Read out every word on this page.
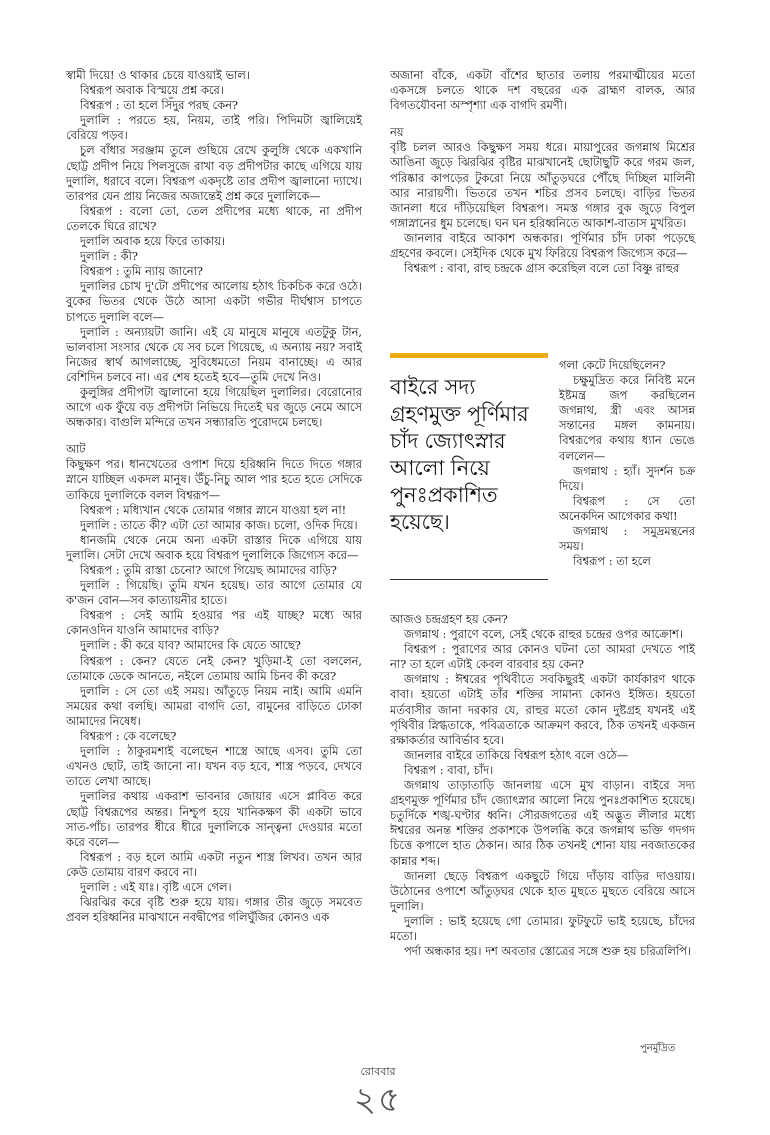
স্বামী দিয়ে! ও থাকার চেয়ে যাওয়াই ভাল।

বিশ্বরূপ অবাক বিস্ময়ে প্রশ্ন করে।

বিশ্বরূপ : তা হলে সিঁদুর পরছ কেন?

দুলালি : পরতে হয়, নিয়ম, তাই পরি। পিদিমটা জ্বালিয়েই বেরিয়ে পড়ব।

চুল বাঁধার সরঞ্জাম তুলে গুছিয়ে রেখে কুলুঙ্গি থেকে একখানি ছোট্ট প্রদীপ নিয়ে পিলসুজে রাখা বড় প্রদীপটার কাছে এগিয়ে যায় দুলালি, ধরাবে বলে। বিশ্বরূপ একদৃষ্টে তার প্রদীপ জ্বালানো দ্যাখে। তারপর যেন প্রায় নিজের অজান্তেই প্রশ্ন করে দুলালিকে—

বিশ্বরূপ : বলো তো, তেল প্রদীপের মধ্যে থাকে, না প্রদীপ তেলকে ঘিরে রাখে?

দুলালি অবাক হয়ে ফিরে তাকায়।

দুলালি : কী?

বিশ্বরূপ : তুমি ন্যায় জানো?

দুলালির চোখ দু'টো প্রদীপের আলোয় হঠাৎ চিকচিক করে ওঠে। বুকের ভিতর থেকে উঠে আসা একটা গভীর দীর্ঘশ্বাস চাপতে চাপতে দুলালি বলে—

দুলালি : অন্যায়টা জানি। এই যে মানুষে মানুষে এতটুকু টান, ভালবাসা সংসার থেকে যে সব চলে গিয়েছে, এ অন্যায় নয়? সবাই নিজের স্বার্থ আগলাচ্ছে, সুবিধেমতো নিয়ম বানাচ্ছে। এ আর বেশিদিন চলবে না। এর শেষ হতেই হবে—তুমি দেখে নিও।

কুলুঙ্গির প্রদীপটা জ্বালানো হয়ে গিয়েছিল দুলালির। বেরোনোর আগে এক ফুঁয়ে বড় প্রদীপটা নিভিয়ে দিতেই ঘর জুড়ে নেমে আসে অন্ধকার। বাগুলি মন্দিরে তখন সন্ধ্যারতি পুরোদমে চলছে।

আট

কিছুক্ষণ পর। ধানখেতের ওপাশ দিয়ে হরিধ্বনি দিতে দিতে গঙ্গার স্নানে যাচ্ছিল একদল মানুষ। উঁচু-নিচু আল পার হতে হতে সেদিকে তাকিয়ে দুলালিকে বলল বিশ্বরূপ—

বিশ্বরূপ : মধ্যিখান থেকে তোমার গঙ্গার স্নানে যাওয়া হল না!

দুলালি : তাতে কী? এটা তো আমার কাজ। চলো, ওদিক দিয়ে।

ধানজমি থেকে নেমে অন্য একটা রাস্তার দিকে এগিয়ে যায় দুলালি। সেটা দেখে অবাক হয়ে বিশ্বরূপ দুলালিকে জিগ্যেস করে—

বিশ্বরূপ : তুমি রাস্তা চেনো? আগে গিয়েছ আমাদের বাড়ি?

দুলালি : গিয়েছি। তুমি যখন হয়েছ। তার আগে তোমার যে ক'জন বোন—সব কাত্যায়নীর হাতে।

বিশ্বরূপ : সেই আমি হওয়ার পর এই যাচ্ছ? মধ্যে আর কোনওদিন যাওনি আমাদের বাড়ি?

দুলালি : কী করে যাব? আমাদের কি যেতে আছে?

বিশ্বরূপ : কেন? যেতে নেই কেন? খুড়িমা-ই তো বললেন, তোমাকে ডেকে আনতে, নইলে তোমায় আমি চিনব কী করে?

দুলালি : সে তো এই সময়। আঁতুড়ে নিয়ম নাই। আমি এমনি সময়ের কথা বলছি। আমরা বাগদি তো, বামুনের বাড়িতে ঢোকা আমাদের নিষেধ।

বিশ্বরূপ : কে বলেছে?

দুলালি : ঠাকুরমশাই বলেছেন শাস্ত্রে আছে এসব। তুমি তো এখনও ছোট, তাই জানো না। যখন বড় হবে, শাস্ত্র পড়বে, দেখবে তাতে লেখা আছে।

দুলালির কথায় একরাশ ভাবনার জোয়ার এসে প্লাবিত করে ছোট্ট বিশ্বরূপের অন্তর। নিশ্চুপ হয়ে খানিকক্ষণ কী একটা ভাবে সাত-পাঁচ। তারপর ধীরে ধীরে দুলালিকে সান্ত্বনা দেওয়ার মতো করে বলে—

বিশ্বরূপ : বড় হলে আমি একটা নতুন শাস্ত্র লিখব। তখন আর কেউ তোমায় বারণ করবে না।

দুলালি : এই যাঃ। বৃষ্টি এসে গেল।

ঝিরঝির করে বৃষ্টি শুরু হয়ে যায়। গঙ্গার তীর জুড়ে সমবেত প্রবল হরিধ্বনির মাঝখানে নবদ্বীপের গলিঘুঁজির কোনও এক

অজানা বাঁকে, একটা বাঁশের ছাতার তলায় পরমাত্মীয়ের মতো একসঙ্গে চলতে থাকে দশ বছরের এক ব্রাহ্মণ বালক, আর বিগতযৌবনা অস্পৃশ্যা এক বাগদি রমণী।

নয়

বৃষ্টি চলল আরও কিছুক্ষণ সময় ধরে। মায়াপুরের জগন্নাথ মিশ্রের আঙিনা জুড়ে ঝিরঝির বৃষ্টির মাঝখানেই ছোটাছুটি করে গরম জল, পরিষ্কার কাপড়ের টুকরো নিয়ে আঁতুড়ঘরে পৌঁছে দিচ্ছিল মালিনী আর নারায়ণী। ভিতরে তখন শচির প্রসব চলছে। বাড়ির ভিতর জানলা ধরে দাঁড়িয়েছিল বিশ্বরূপ। সমস্ত গঙ্গার বুক জুড়ে বিপুল গঙ্গাস্নানের ধুম চলেছে। ঘন ঘন হরিধ্বনিতে আকাশ-বাতাস মুখরিত।

জানলার বাইরে আকাশ অন্ধকার। পূর্ণিমার চাঁদ ঢাকা পড়েছে গ্রহণের কবলে। সেইদিক থেকে মুখ ফিরিয়ে বিশ্বরূপ জিগ্যেস করে—

বিশ্বরূপ : বাবা, রাহু চন্দ্রকে গ্রাস করেছিল বলে তো বিষ্ণু রাহুর

বাইরে সদ্য গ্রহণমুক্ত পূর্ণিমার চাঁদ জ্যোৎস্নার আলো নিয়ে পুনঃপ্রকাশিত হয়েছে।

গলা কেটে দিয়েছিলেন?

চক্ষুমুদ্রিত করে নিবিষ্ট মনে ইষ্টমন্ত্র জপ করছিলেন জগন্নাথ, স্ত্রী এবং আসন্ন সন্তানের মঙ্গল কামনায়। বিশ্বরূপের কথায় ধ্যান ভেঙে বললেন—

জগন্নাথ : হ্যাঁ। সুদর্শন চক্র দিয়ে।

বিশ্বরূপ : সে তো অনেকদিন আগেকার কথা!

জগন্নাথ : সমুদ্রমন্থনের সময়।

বিশ্বরূপ : তা হলে

আজও চন্দ্রগ্রহণ হয় কেন?

জগন্নাথ : পুরাণে বলে, সেই থেকে রাহুর চন্দ্রের ওপর আক্রোশ।

বিশ্বরূপ : পুরাণের আর কোনও ঘটনা তো আমরা দেখতে পাই না? তা হলে এটাই কেবল বারবার হয় কেন?

জগন্নাথ : ঈশ্বরের পৃথিবীতে সবকিছুরই একটা কার্যকারণ থাকে বাবা। হয়তো এটাই তাঁর শক্তির সামান্য কোনও ইঙ্গিত। হয়তো মর্তবাসীর জানা দরকার যে, রাহুর মতো কোন দুষ্টগ্রহ যখনই এই পৃথিবীর স্নিগ্ধতাকে, পবিত্রতাকে আক্রমণ করবে, ঠিক তখনই একজন রক্ষাকর্তার আবির্ভাব হবে।

জানলার বাইরে তাকিয়ে বিশ্বরূপ হঠাৎ বলে ওঠে—

বিশ্বরূপ : বাবা, চাঁদ।

জগন্নাথ তাড়াতাড়ি জানলায় এসে মুখ বাড়ান। বাইরে সদ্য গ্রহণমুক্ত পূর্ণিমার চাঁদ জ্যোৎস্নার আলো নিয়ে পুনঃপ্রকাশিত হয়েছে। চতুর্দিকে শঙ্খ-ঘণ্টার ধ্বনি। সৌরজগতের এই অদ্ভুত লীলার মধ্যে ঈশ্বরের অনন্ত শক্তির প্রকাশকে উপলব্ধি করে জগন্নাথ ভক্তি গদগদ চিত্তে কপালে হাত ঠেকান। আর ঠিক তখনই শোনা যায় নবজাতকের কান্নার শব্দ।

জানলা ছেড়ে বিশ্বরূপ একছুটে গিয়ে দাঁড়ায় বাড়ির দাওয়ায়। উঠোনের ওপাশে আঁতুড়ঘর থেকে হাত মুছতে মুছতে বেরিয়ে আসে দুলালি।

দুলালি : ভাই হয়েছে গো তোমার। ফুটফুটে ভাই হয়েছে, চাঁদের মতো।

পর্দা অন্ধকার হয়। দশ অবতার স্তোত্রের সঙ্গে শুরু হয় চরিত্রলিপি।

পুনর্মুদ্রিত
রোববার
২৫
